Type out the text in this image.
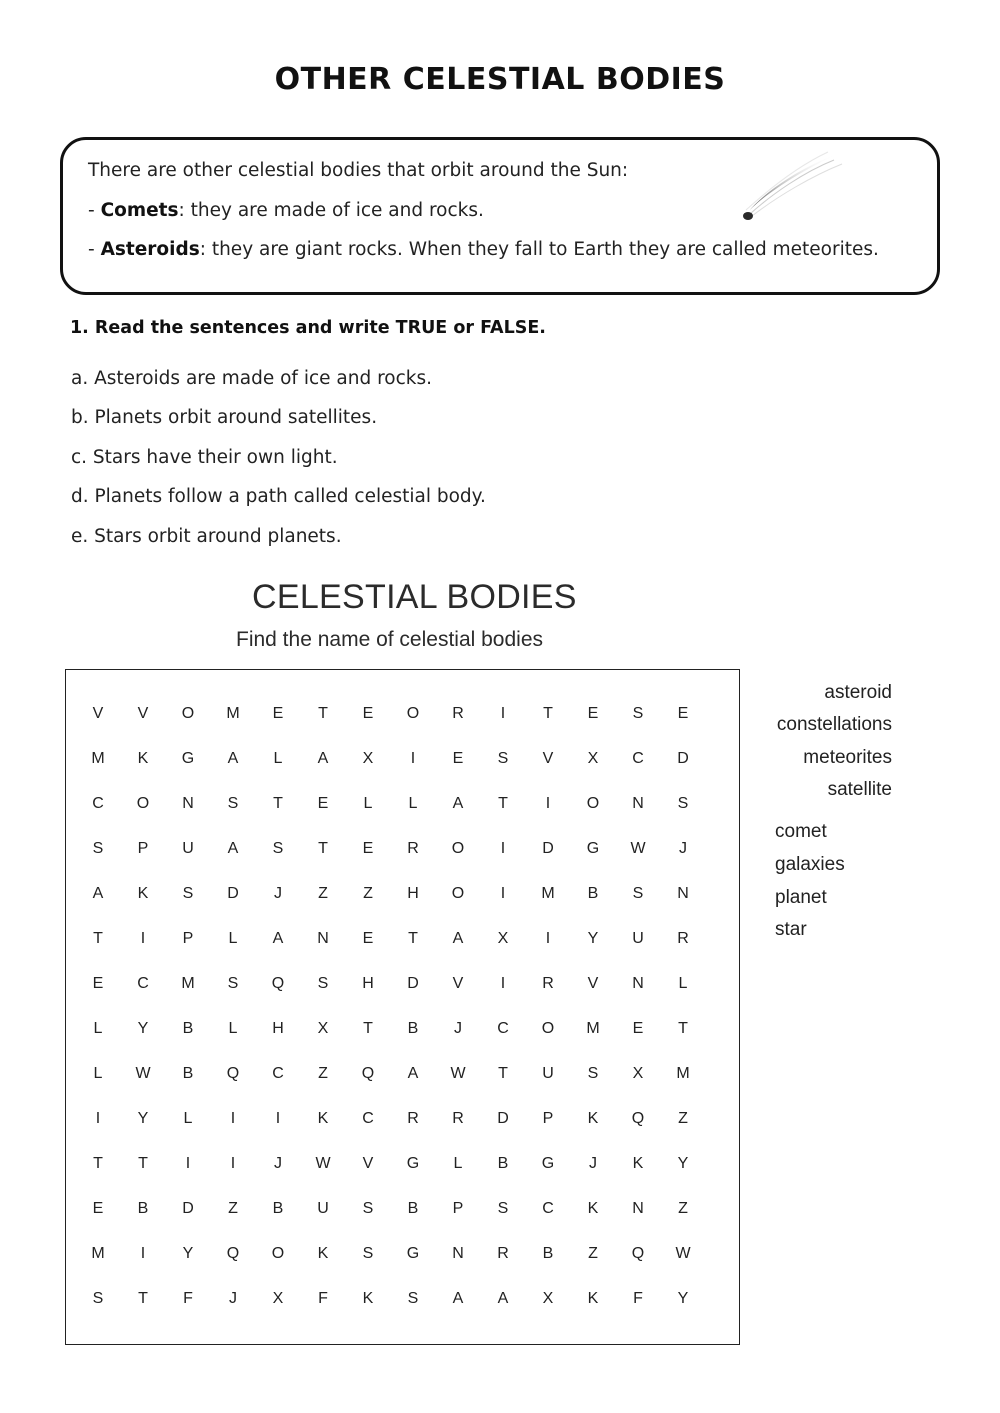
OTHER CELESTIAL BODIES
There are other celestial bodies that orbit around the Sun:
- Comets: they are made of ice and rocks.
- Asteroids: they are giant rocks. When they fall to Earth they are called meteorites.
1. Read the sentences and write TRUE or FALSE.
a. Asteroids are made of ice and rocks.
b. Planets orbit around satellites.
c. Stars have their own light.
d. Planets follow a path called celestial body.
e. Stars orbit around planets.
CELESTIAL BODIES
Find the name of celestial bodies
V	V	O	M	E	T	E	O	R	I	T	E	S	E
M	K	G	A	L	A	X	I	E	S	V	X	C	D
C	O	N	S	T	E	L	L	A	T	I	O	N	S
S	P	U	A	S	T	E	R	O	I	D	G	W	J
A	K	S	D	J	Z	Z	H	O	I	M	B	S	N
T	I	P	L	A	N	E	T	A	X	I	Y	U	R
E	C	M	S	Q	S	H	D	V	I	R	V	N	L
L	Y	B	L	H	X	T	B	J	C	O	M	E	T
L	W	B	Q	C	Z	Q	A	W	T	U	S	X	M
I	Y	L	I	I	K	C	R	R	D	P	K	Q	Z
T	T	I	I	J	W	V	G	L	B	G	J	K	Y
E	B	D	Z	B	U	S	B	P	S	C	K	N	Z
M	I	Y	Q	O	K	S	G	N	R	B	Z	Q	W
S	T	F	J	X	F	K	S	A	A	X	K	F	Y
asteroid
constellations
meteorites
satellite
comet
galaxies
planet
star
